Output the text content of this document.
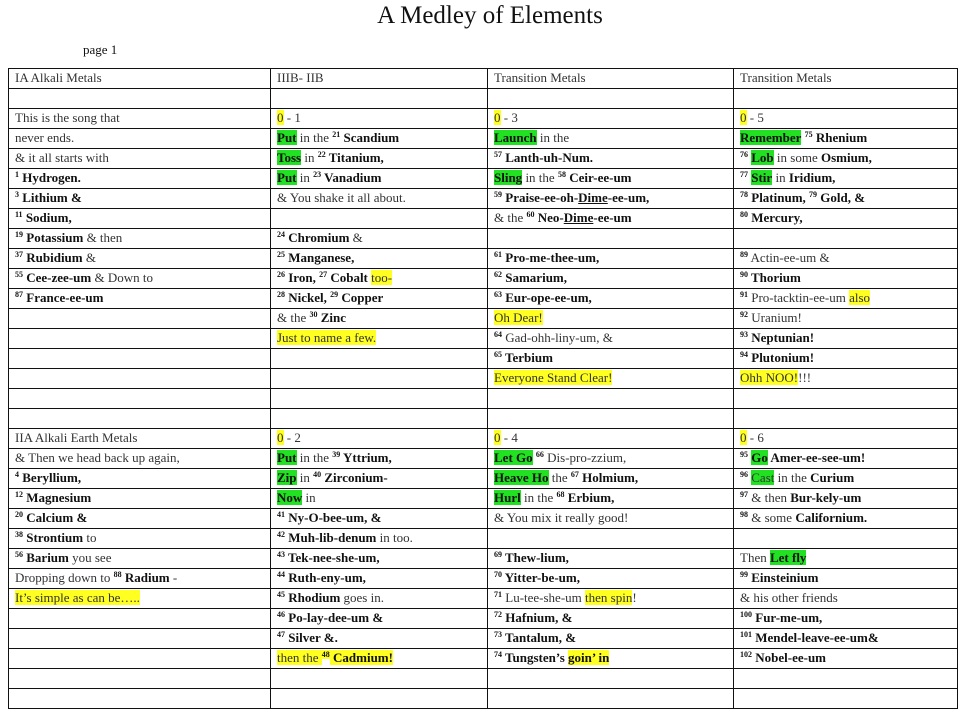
A Medley of Elements
page 1
IA Alkali Metals	IIIB- IIB	Transition Metals	Transition Metals

This is the song that	0 - 1	0 - 3	0 - 5
never ends.	Put in the $^{21}$ Scandium	Launch in the	Remember $^{75}$ Rhenium
& it all starts with	Toss in $^{22}$ Titanium,	$^{57}$ Lanth-uh-Num.	$^{76}$ Lob in some Osmium,
$^1$ Hydrogen.	Put in $^{23}$ Vanadium	Sling in the $^{58}$ Ceir-ee-um	$^{77}$ Stir in Iridium,
$^3$ Lithium &	& You shake it all about.	$^{59}$ Praise-ee-oh-Dime-ee-um,	$^{78}$ Platinum, $^{79}$ Gold, &
$^{11}$ Sodium,		& the $^{60}$ Neo-Dime-ee-um	$^{80}$ Mercury,
$^{19}$ Potassium & then	$^{24}$ Chromium &		
$^{37}$ Rubidium &	$^{25}$ Manganese,	$^{61}$ Pro-me-thee-um,	$^{89}$ Actin-ee-um &
$^{55}$ Cee-zee-um & Down to	$^{26}$ Iron, $^{27}$ Cobalt too-	$^{62}$ Samarium,	$^{90}$ Thorium
$^{87}$ France-ee-um	$^{28}$ Nickel, $^{29}$ Copper	$^{63}$ Eur-ope-ee-um,	$^{91}$ Pro-tacktin-ee-um also
	& the $^{30}$ Zinc	Oh Dear!	$^{92}$ Uranium!
	Just to name a few.	$^{64}$ Gad-ohh-liny-um, &	$^{93}$ Neptunian!
		$^{65}$ Terbium	$^{94}$ Plutonium!
		Everyone Stand Clear!	Ohh NOO!!!!

IIA Alkali Earth Metals	0 - 2	0 - 4	0 - 6
& Then we head back up again,	Put in the $^{39}$ Yttrium,	Let Go $^{66}$ Dis-pro-zzium,	$^{95}$ Go Amer-ee-see-um!
$^4$ Beryllium,	Zip in $^{40}$ Zirconium-	Heave Ho the $^{67}$ Holmium,	$^{96}$ Cast in the Curium
$^{12}$ Magnesium	Now in	Hurl in the $^{68}$ Erbium,	$^{97}$ & then Bur-kely-um
$^{20}$ Calcium &	$^{41}$ Ny-O-bee-um, &	& You mix it really good!	$^{98}$ & some Californium.
$^{38}$ Strontium to	$^{42}$ Muh-lib-denum in too.		
$^{56}$ Barium you see	$^{43}$ Tek-nee-she-um,	$^{69}$ Thew-lium,	Then Let fly
Dropping down to $^{88}$ Radium -	$^{44}$ Ruth-eny-um,	$^{70}$ Yitter-be-um,	$^{99}$ Einsteinium
It’s simple as can be…..	$^{45}$ Rhodium goes in.	$^{71}$ Lu-tee-she-um then spin!	& his other friends
	$^{46}$ Po-lay-dee-um &	$^{72}$ Hafnium, &	$^{100}$ Fur-me-um,
	$^{47}$ Silver &.	$^{73}$ Tantalum, &	$^{101}$ Mendel-leave-ee-um&
	then the $^{48}$ Cadmium!	$^{74}$ Tungsten’s goin’ in	$^{102}$ Nobel-ee-um
